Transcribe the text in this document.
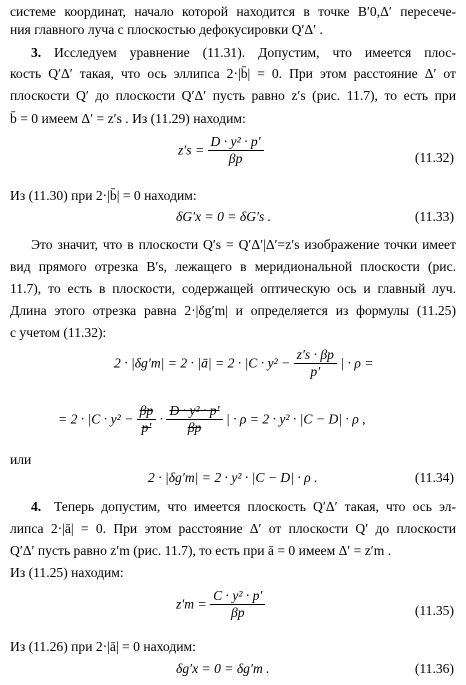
системе координат, начало которой находится в точке B′0,Δ′ пересече-
ния главного луча с плоскостью дефокусировки Q′Δ′ .
3. Исследуем уравнение (11.31). Допустим, что имеется плос-
кость Q′Δ′ такая, что ось эллипса 2·|b̄| = 0. При этом расстояние Δ′ от
плоскости Q′ до плоскости Q′Δ′ пусть равно z′s (рис. 11.7), то есть при
b̄ = 0 имеем Δ′ = z′s . Из (11.29) находим:
$z's = \frac{\text{D · y² · p′}}{\beta p}$	(11.32)
Из (11.30) при 2·|b̄| = 0 находим:
δG′x = 0 = δG′s .	(11.33)
Это значит, что в плоскости Q′s = Q′Δ′|Δ′=z′s изображение точки имеет
вид прямого отрезка B′s, лежащего в меридиональной плоскости (рис.
11.7), то есть в плоскости, содержащей оптическую ось и главный луч.
Длина этого отрезка равна 2·|δg′m| и определяется из формулы (11.25)
с учетом (11.32):
2 · |δg′m| = 2 · |ā| = $2 \cdot |C \cdot y^2 - \frac{z's \cdot \beta p}{p'}$ | · ρ =
= $2 \cdot |C \cdot y^2 - \frac{\beta p}{p'} \cdot \frac{\text{D · y² · p′}}{\beta p}$ | · ρ = 2 · y² · |C − D| · ρ ,
или
2 · |δg′m| = 2 · y² · |C − D| · ρ .	(11.34)
4. Теперь допустим, что имеется плоскость Q′Δ′ такая, что ось эл-
липса 2·|ā| = 0. При этом расстояние Δ′ от плоскости Q′ до плоскости
Q′Δ′ пусть равно z′m (рис. 11.7), то есть при ā = 0 имеем Δ′ = z′m .
Из (11.25) находим:
$z'm = \frac{\text{C · y² · p′}}{\beta p}$	(11.35)
Из (11.26) при 2·|ā| = 0 находим:
δg′x = 0 = δg′m .	(11.36)
